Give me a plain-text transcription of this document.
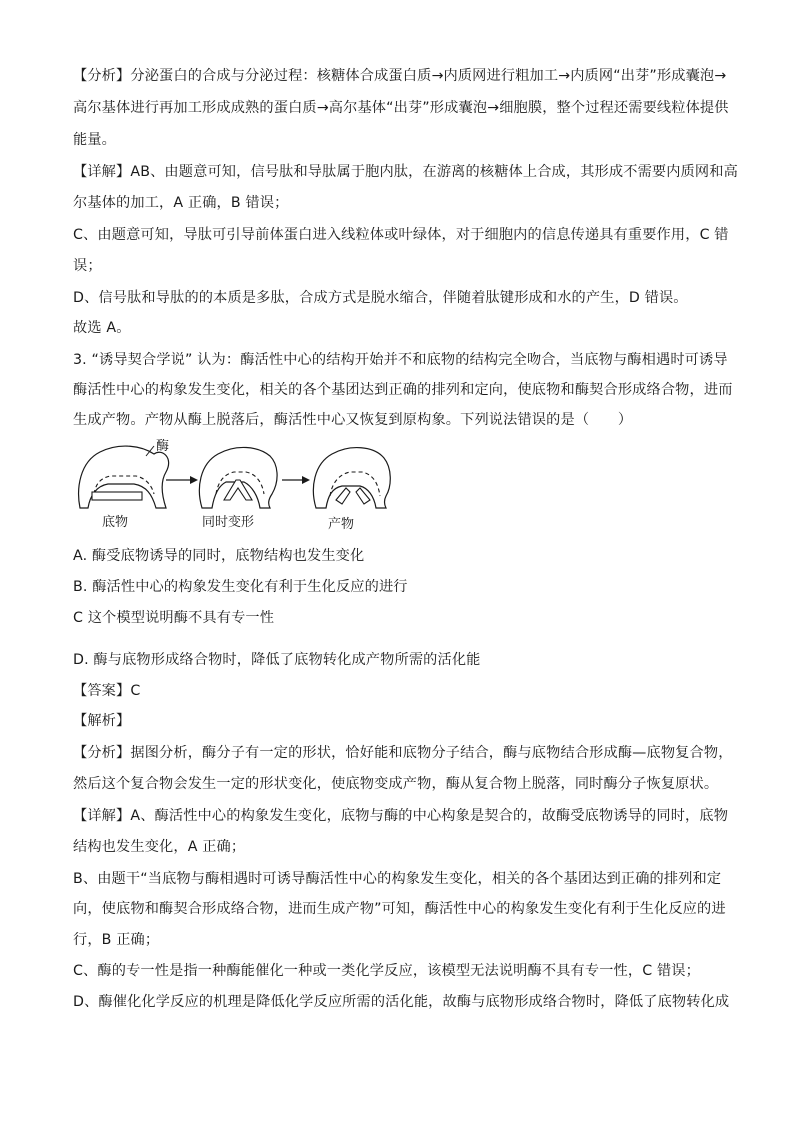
【分析】分泌蛋白的合成与分泌过程：核糖体合成蛋白质→内质网进行粗加工→内质网“出芽”形成囊泡→
高尔基体进行再加工形成成熟的蛋白质→高尔基体“出芽”形成囊泡→细胞膜，整个过程还需要线粒体提供
能量。
【详解】AB、由题意可知，信号肽和导肽属于胞内肽，在游离的核糖体上合成，其形成不需要内质网和高
尔基体的加工，A 正确，B 错误；
C、由题意可知，导肽可引导前体蛋白进入线粒体或叶绿体，对于细胞内的信息传递具有重要作用，C 错
误；
D、信号肽和导肽的的本质是多肽，合成方式是脱水缩合，伴随着肽键形成和水的产生，D 错误。
故选 A。
3. “诱导契合学说” 认为：酶活性中心的结构开始并不和底物的结构完全吻合，当底物与酶相遇时可诱导
酶活性中心的构象发生变化，相关的各个基团达到正确的排列和定向，使底物和酶契合形成络合物，进而
生成产物。产物从酶上脱落后，酶活性中心又恢复到原构象。下列说法错误的是（　　）
酶
底物	同时变形	产物
A. 酶受底物诱导的同时，底物结构也发生变化
B. 酶活性中心的构象发生变化有利于生化反应的进行
C 这个模型说明酶不具有专一性
D. 酶与底物形成络合物时，降低了底物转化成产物所需的活化能
【答案】C
【解析】
【分析】据图分析，酶分子有一定的形状，恰好能和底物分子结合，酶与底物结合形成酶—底物复合物，
然后这个复合物会发生一定的形状变化，使底物变成产物，酶从复合物上脱落，同时酶分子恢复原状。
【详解】A、酶活性中心的构象发生变化，底物与酶的中心构象是契合的，故酶受底物诱导的同时，底物
结构也发生变化，A 正确；
B、由题干“当底物与酶相遇时可诱导酶活性中心的构象发生变化，相关的各个基团达到正确的排列和定
向，使底物和酶契合形成络合物，进而生成产物”可知，酶活性中心的构象发生变化有利于生化反应的进
行，B 正确；
C、酶的专一性是指一种酶能催化一种或一类化学反应，该模型无法说明酶不具有专一性，C 错误；
D、酶催化化学反应的机理是降低化学反应所需的活化能，故酶与底物形成络合物时，降低了底物转化成
